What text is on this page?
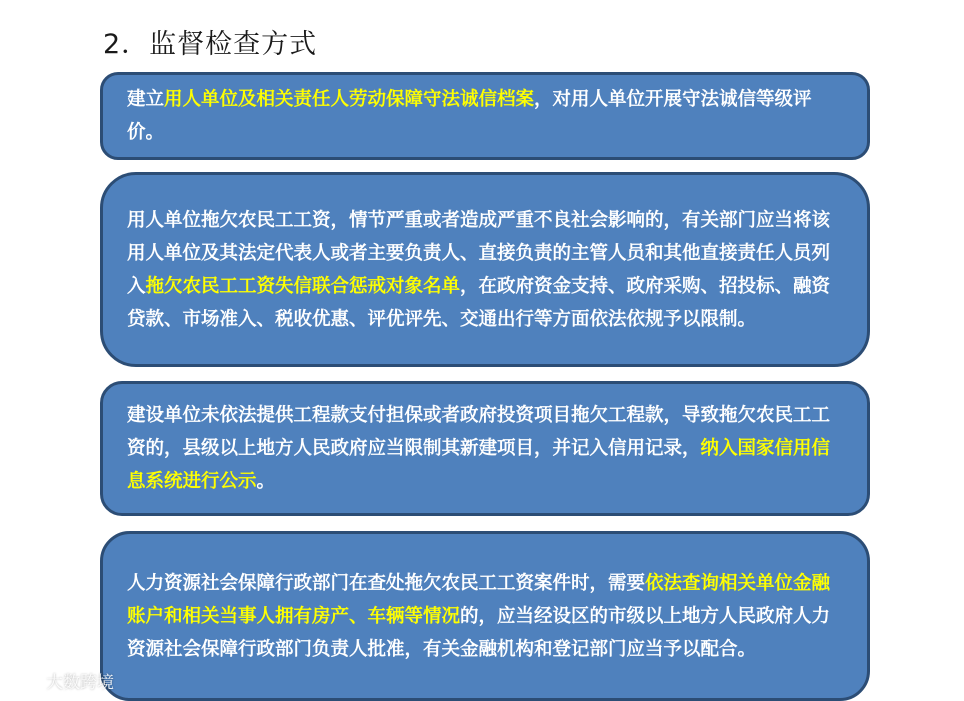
2．监督检查方式

建立用人单位及相关责任人劳动保障守法诚信档案，对用人单位开展守法诚信等级评价。

用人单位拖欠农民工工资，情节严重或者造成严重不良社会影响的，有关部门应当将该用人单位及其法定代表人或者主要负责人、直接负责的主管人员和其他直接责任人员列入拖欠农民工工资失信联合惩戒对象名单，在政府资金支持、政府采购、招投标、融资贷款、市场准入、税收优惠、评优评先、交通出行等方面依法依规予以限制。

建设单位未依法提供工程款支付担保或者政府投资项目拖欠工程款，导致拖欠农民工工资的，县级以上地方人民政府应当限制其新建项目，并记入信用记录，纳入国家信用信息系统进行公示。

人力资源社会保障行政部门在查处拖欠农民工工资案件时，需要依法查询相关单位金融账户和相关当事人拥有房产、车辆等情况的，应当经设区的市级以上地方人民政府人力资源社会保障行政部门负责人批准，有关金融机构和登记部门应当予以配合。

大数跨境
